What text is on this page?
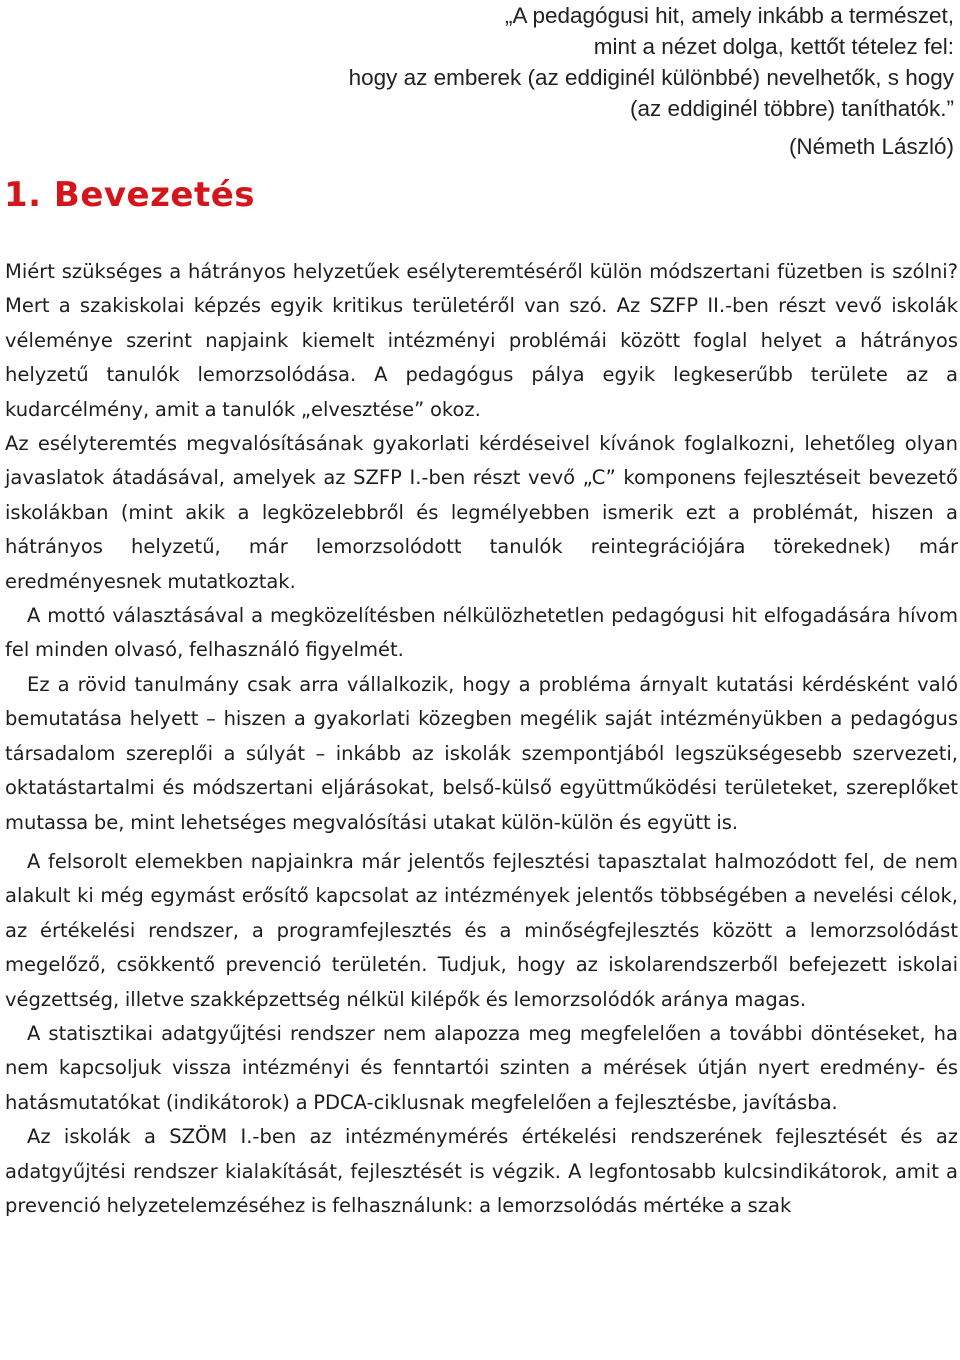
„A pedagógusi hit, amely inkább a természet,

mint a nézet dolga, kettőt tételez fel:

hogy az emberek (az eddiginél különbbé) nevelhetők, s hogy

(az eddiginél többre) taníthatók.”

(Németh László)

1. Bevezetés

Miért szükséges a hátrányos helyzetűek esélyteremtéséről külön módszertani füzetben is szólni? Mert a szakiskolai képzés egyik kritikus területéről van szó. Az SZFP II.-ben részt vevő iskolák véleménye szerint napjaink kiemelt intézményi problémái között foglal helyet a hátrányos helyzetű tanulók lemorzsolódása. A pedagógus pálya egyik legkeserűbb területe az a kudarcélmény, amit a tanulók „elvesztése” okoz.

Az esélyteremtés megvalósításának gyakorlati kérdéseivel kívánok foglalkozni, lehetőleg olyan javaslatok átadásával, amelyek az SZFP I.-ben részt vevő „C” komponens fejlesztéseit bevezető iskolákban (mint akik a legközelebbről és legmélyebben ismerik ezt a problémát, hiszen a hátrányos helyzetű, már lemorzsolódott tanulók reintegrációjára törekednek) már eredményesnek mutatkoztak.

A mottó választásával a megközelítésben nélkülözhetetlen pedagógusi hit elfogadására hívom fel minden olvasó, felhasználó figyelmét.

Ez a rövid tanulmány csak arra vállalkozik, hogy a probléma árnyalt kutatási kérdésként való bemutatása helyett – hiszen a gyakorlati közegben megélik saját intézményükben a pedagógus társadalom szereplői a súlyát – inkább az iskolák szempontjából legszükségesebb szervezeti, oktatástartalmi és módszertani eljárásokat, belső-külső együttműködési területeket, szereplőket mutassa be, mint lehetséges megvalósítási utakat külön-külön és együtt is.

A felsorolt elemekben napjainkra már jelentős fejlesztési tapasztalat halmozódott fel, de nem alakult ki még egymást erősítő kapcsolat az intézmények jelentős többségében a nevelési célok, az értékelési rendszer, a programfejlesztés és a minőségfejlesztés között a lemorzsolódást megelőző, csökkentő prevenció területén. Tudjuk, hogy az iskolarendszerből befejezett iskolai végzettség, illetve szakképzettség nélkül kilépők és lemorzsolódók aránya magas.

A statisztikai adatgyűjtési rendszer nem alapozza meg megfelelően a további döntéseket, ha nem kapcsoljuk vissza intézményi és fenntartói szinten a mérések útján nyert eredmény- és hatásmutatókat (indikátorok) a PDCA-ciklusnak megfelelően a fejlesztésbe, javításba.

Az iskolák a SZÖM I.-ben az intézménymérés értékelési rendszerének fejlesztését és az adatgyűjtési rendszer kialakítását, fejlesztését is végzik. A legfontosabb kulcsindikátorok, amit a prevenció helyzetelemzéséhez is felhasználunk: a lemorzsolódás mértéke a szak
